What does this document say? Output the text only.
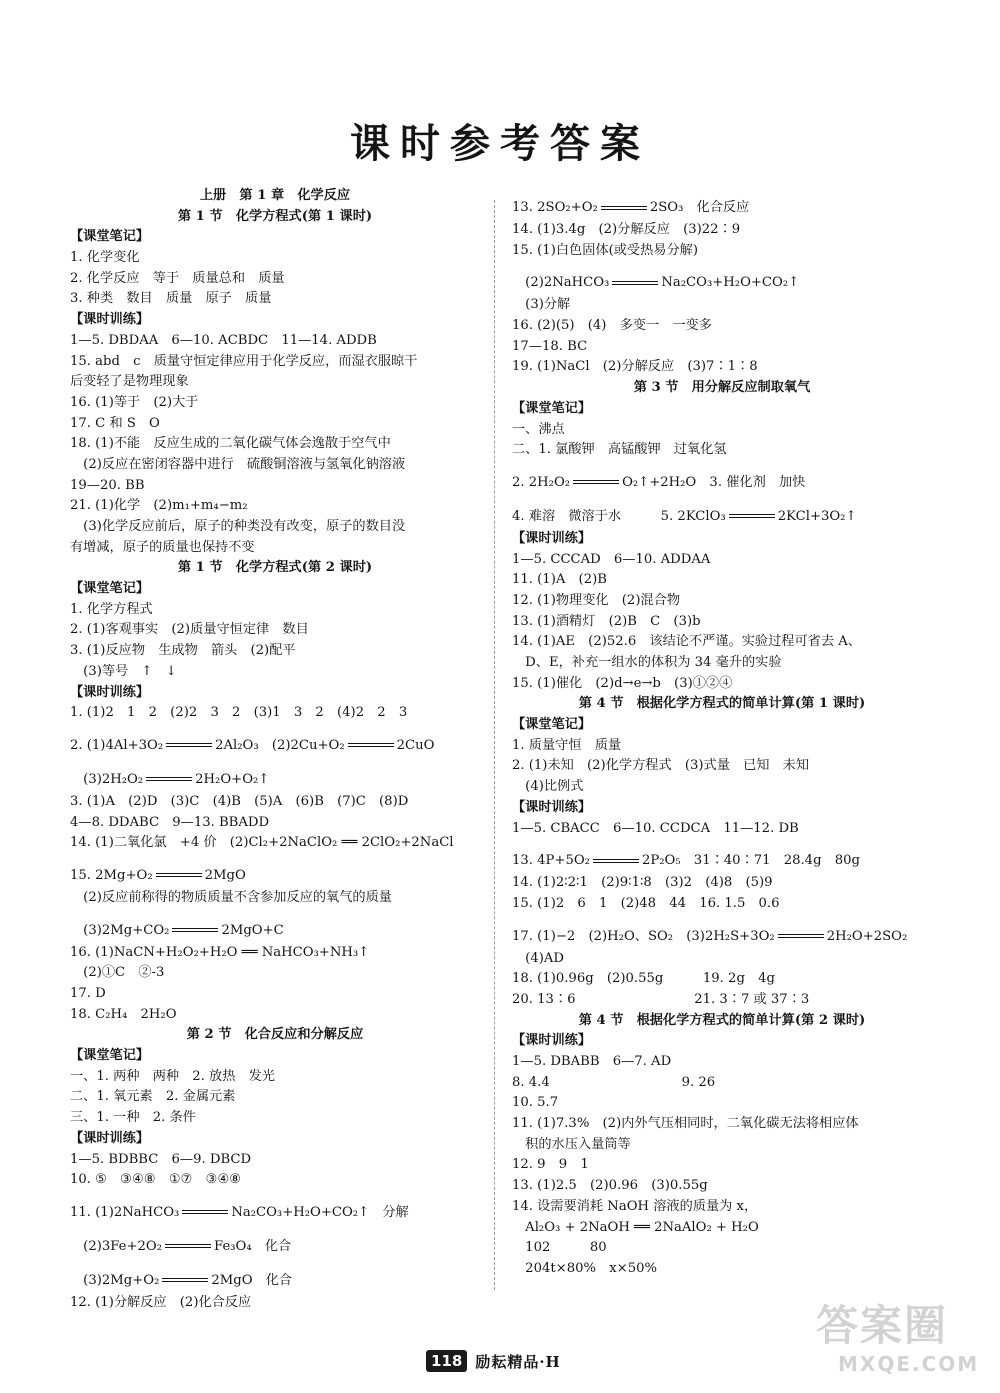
课时参考答案
上册　第 1 章　化学反应
第 1 节　化学方程式(第 1 课时)
【课堂笔记】
1. 化学变化
2. 化学反应　等于　质量总和　质量
3. 种类　数目　质量　原子　质量
【课时训练】
1—5. DBDAA　6—10. ACBDC　11—14. ADDB
15. abd　c　质量守恒定律应用于化学反应，而湿衣服晾干
后变轻了是物理现象
16. (1)等于　(2)大于
17. C 和 S　O
18. (1)不能　反应生成的二氧化碳气体会逸散于空气中
　(2)反应在密闭容器中进行　硫酸铜溶液与氢氧化钠溶液
19—20. BB
21. (1)化学　(2)m₁+m₄−m₂
　(3)化学反应前后，原子的种类没有改变，原子的数目没
有增减，原子的质量也保持不变
第 1 节　化学方程式(第 2 课时)
【课堂笔记】
1. 化学方程式
2. (1)客观事实　(2)质量守恒定律　数目
3. (1)反应物　生成物　箭头　(2)配平
　(3)等号　↑　↓
【课时训练】
1. (1)2　1　2　(2)2　3　2　(3)1　3　2　(4)2　2　3
2. (1)4Al+3O₂	2Al₂O₃　(2)2Cu+O₂	2CuO
　(3)2H₂O₂	2H₂O+O₂↑
3. (1)A　(2)D　(3)C　(4)B　(5)A　(6)B　(7)C　(8)D
4—8. DDABC　9—13. BBADD
14. (1)二氧化氯　+4 价　(2)Cl₂+2NaClO₂ ══ 2ClO₂+2NaCl
15. 2Mg+O₂	2MgO
　(2)反应前称得的物质质量不含参加反应的氧气的质量
　(3)2Mg+CO₂	2MgO+C
16. (1)NaCN+H₂O₂+H₂O ══ NaHCO₃+NH₃↑
　(2)①C　②-3
17. D
18. C₂H₄　2H₂O
第 2 节　化合反应和分解反应
【课堂笔记】
一、1. 两种　两种　2. 放热　发光
二、1. 氧元素　2. 金属元素
三、1. 一种　2. 条件
【课时训练】
1—5. BDBBC　6—9. DBCD
10. ⑤　③④⑧　①⑦　③④⑧
11. (1)2NaHCO₃	Na₂CO₃+H₂O+CO₂↑　分解
　(2)3Fe+2O₂	Fe₃O₄　化合
　(3)2Mg+O₂	2MgO　化合
12. (1)分解反应　(2)化合反应
13. 2SO₂+O₂	2SO₃　化合反应
14. (1)3.4g　(2)分解反应　(3)22∶9
15. (1)白色固体(或受热易分解)
　(2)2NaHCO₃	Na₂CO₃+H₂O+CO₂↑
　(3)分解
16. (2)(5)　(4)　多变一　一变多
17—18. BC
19. (1)NaCl　(2)分解反应　(3)7∶1∶8
第 3 节　用分解反应制取氧气
【课堂笔记】
一、沸点
二、1. 氯酸钾　高锰酸钾　过氧化氢
2. 2H₂O₂	O₂↑+2H₂O　3. 催化剂　加快
4. 难溶　微溶于水　　　5. 2KClO₃	2KCl+3O₂↑
【课时训练】
1—5. CCCAD　6—10. ADDAA
11. (1)A　(2)B
12. (1)物理变化　(2)混合物
13. (1)酒精灯　(2)B　C　(3)b
14. (1)AE　(2)52.6　该结论不严谨。实验过程可省去 A、
　D、E，补充一组水的体积为 34 毫升的实验
15. (1)催化　(2)d→e→b　(3)①②④
第 4 节　根据化学方程式的简单计算(第 1 课时)
【课堂笔记】
1. 质量守恒　质量
2. (1)未知　(2)化学方程式　(3)式量　已知　未知
　(4)比例式
【课时训练】
1—5. CBACC　6—10. CCDCA　11—12. DB
13. 4P+5O₂	2P₂O₅　31∶40∶71　28.4g　80g
14. (1)2∶2∶1　(2)9∶1∶8　(3)2　(4)8　(5)9
15. (1)2　6　1　(2)48　44　16. 1.5　0.6
17. (1)−2　(2)H₂O、SO₂　(3)2H₂S+3O₂	2H₂O+2SO₂
　(4)AD
18. (1)0.96g　(2)0.55g　　　19. 2g　4g
20. 13∶6　　　　　　　　　21. 3∶7 或 37∶3
第 4 节　根据化学方程式的简单计算(第 2 课时)
【课时训练】
1—5. DBABB　6—7. AD
8. 4.4　　　　　　　　　　9. 26
10. 5.7
11. (1)7.3%　(2)内外气压相同时，二氧化碳无法将相应体
　积的水压入量筒等
12. 9　9　1
13. (1)2.5　(2)0.96　(3)0.55g
14. 设需要消耗 NaOH 溶液的质量为 x，
　Al₂O₃ + 2NaOH ══ 2NaAlO₂ + H₂O
　102　　　80
　204t×80%　x×50%
118 励耘精品·H
答案圈
MXQE.COM
